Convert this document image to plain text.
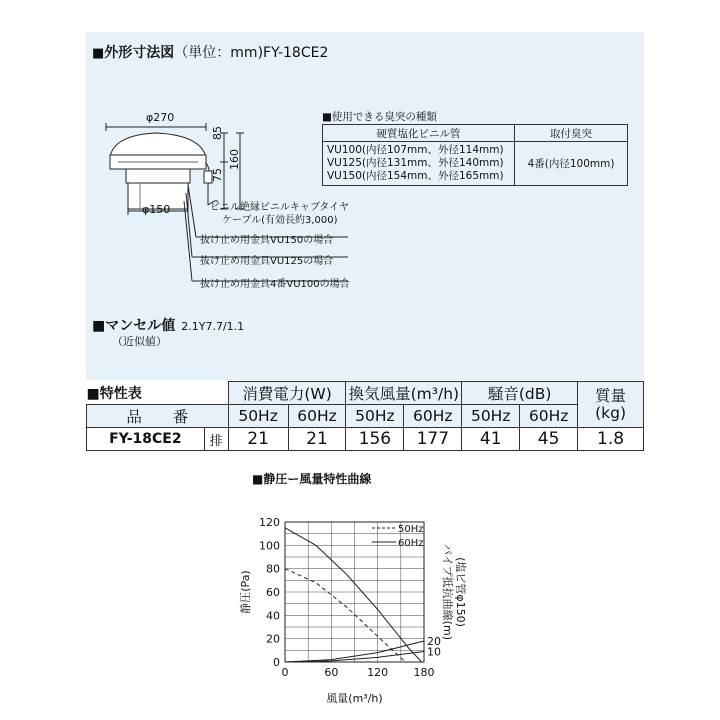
■外形寸法図（単位：mm)FY-18CE2
φ270
φ150
85
75
160
ビニル絶縁ビニルキャブタイヤ
ケーブル(有効長約3,000)
抜け止め用金具VU150の場合
抜け止め用金具VU125の場合
抜け止め用金具4番VU100の場合
■使用できる臭突の種類
硬質塩化ビニル管	取付臭突

VU100(内径107mm、外径114mm)
VU125(内径131mm、外径140mm)
VU150(内径154mm、外径165mm)	4番(内径100mm)
■マンセル値 2.1Y7.7/1.1
（近似値）
■特性表		消費電力(W)		換気風量(m³/h)		騒音(dB)		質量
(kg)

品　　番		50Hz	60Hz	50Hz	60Hz	50Hz	60Hz	
FY-18CE2	排	21	21	156	177	41	45	1.8
■静圧ー風量特性曲線
0
20
40
60
80
100
120
0	60	120 180
20
10
50Hz
60Hz
風量(m³/h)
静圧(Pa)	パイプ抵抗曲線(m) (塩ビ管φ150)
